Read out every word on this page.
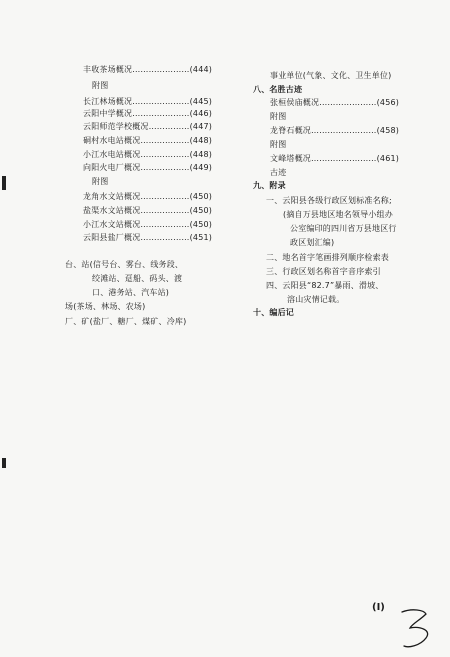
丰收茶场概况…………………(444)
附图
长江林场概况…………………(445)
云阳中学概况…………………(446)
云阳师范学校概况……………(447)
硐村水电站概况………………(448)
小江水电站概况………………(448)
向阳火电厂概况………………(449)
附图
龙角水文站概况………………(450)
盐渠水文站概况………………(450)
小江水文站概况………………(450)
云阳县盐厂概况………………(451)
台、站(信号台、雾台、线务段、
绞滩站、趸船、码头、渡
口、港务站、汽车站)
场(茶场、林场、农场)
厂、矿(盐厂、糖厂、煤矿、冷库)
事业单位(气象、文化、卫生单位)
八、名胜古迹
张桓侯庙概况…………………(456)
附图
龙脊石概况……………………(458)
附图
文峰塔概况……………………(461)
古迹
九、附录
一、云阳县各级行政区划标准名称;
(摘自万县地区地名领导小组办
公室编印的四川省万县地区行
政区划汇编)
二、地名首字笔画排列顺序检索表
三、行政区划名称首字音序索引
四、云阳县“82.7”暴雨、滑坡、
溶山灾情记载。
十、编后记
(Ⅰ)
